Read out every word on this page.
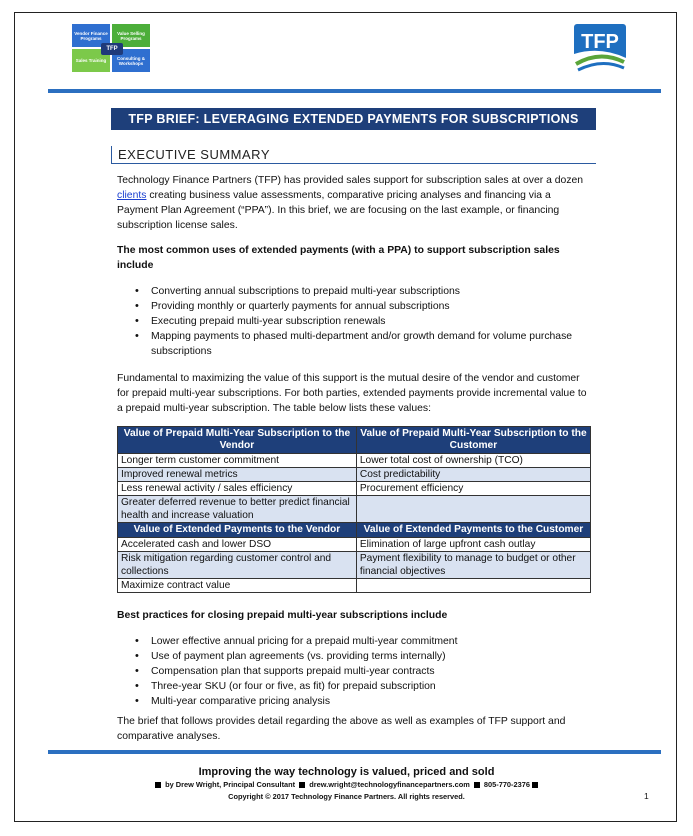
Vendor Finance Programs
Value Selling Programs
Sales Training	Consulting & Workshops
TFP	TFP
TFP BRIEF: LEVERAGING EXTENDED PAYMENTS FOR SUBSCRIPTIONS
EXECUTIVE SUMMARY

Technology Finance Partners (TFP) has provided sales support for subscription sales at over a dozen clients creating business value assessments, comparative pricing analyses and financing via a Payment Plan Agreement (“PPA”). In this brief, we are focusing on the last example, or financing subscription license sales.

The most common uses of extended payments (with a PPA) to support subscription sales include

• Converting annual subscriptions to prepaid multi-year subscriptions
• Providing monthly or quarterly payments for annual subscriptions
• Executing prepaid multi-year subscription renewals
• Mapping payments to phased multi-department and/or growth demand for volume purchase subscriptions

Fundamental to maximizing the value of this support is the mutual desire of the vendor and customer for prepaid multi-year subscriptions. For both parties, extended payments provide incremental value to a prepaid multi-year subscription. The table below lists these values:

Value of Prepaid Multi-Year Subscription to the Vendor	Value of Prepaid Multi-Year Subscription to the Customer
Longer term customer commitment	Lower total cost of ownership (TCO)
Improved renewal metrics	Cost predictability
Less renewal activity / sales efficiency	Procurement efficiency
Greater deferred revenue to better predict financial health and increase valuation	
Value of Extended Payments to the Vendor	Value of Extended Payments to the Customer
Accelerated cash and lower DSO	Elimination of large upfront cash outlay
Risk mitigation regarding customer control and collections	Payment flexibility to manage to budget or other financial objectives
Maximize contract value	

Best practices for closing prepaid multi-year subscriptions include

• Lower effective annual pricing for a prepaid multi-year commitment
• Use of payment plan agreements (vs. providing terms internally)
• Compensation plan that supports prepaid multi-year contracts
• Three-year SKU (or four or five, as fit) for prepaid subscription
• Multi-year comparative pricing analysis

The brief that follows provides detail regarding the above as well as examples of TFP support and comparative analyses.

Improving the way technology is valued, priced and sold
by Drew Wright, Principal Consultant drew.wright@technologyfinancepartners.com 805-770-2376
Copyright © 2017 Technology Finance Partners. All rights reserved.	1
